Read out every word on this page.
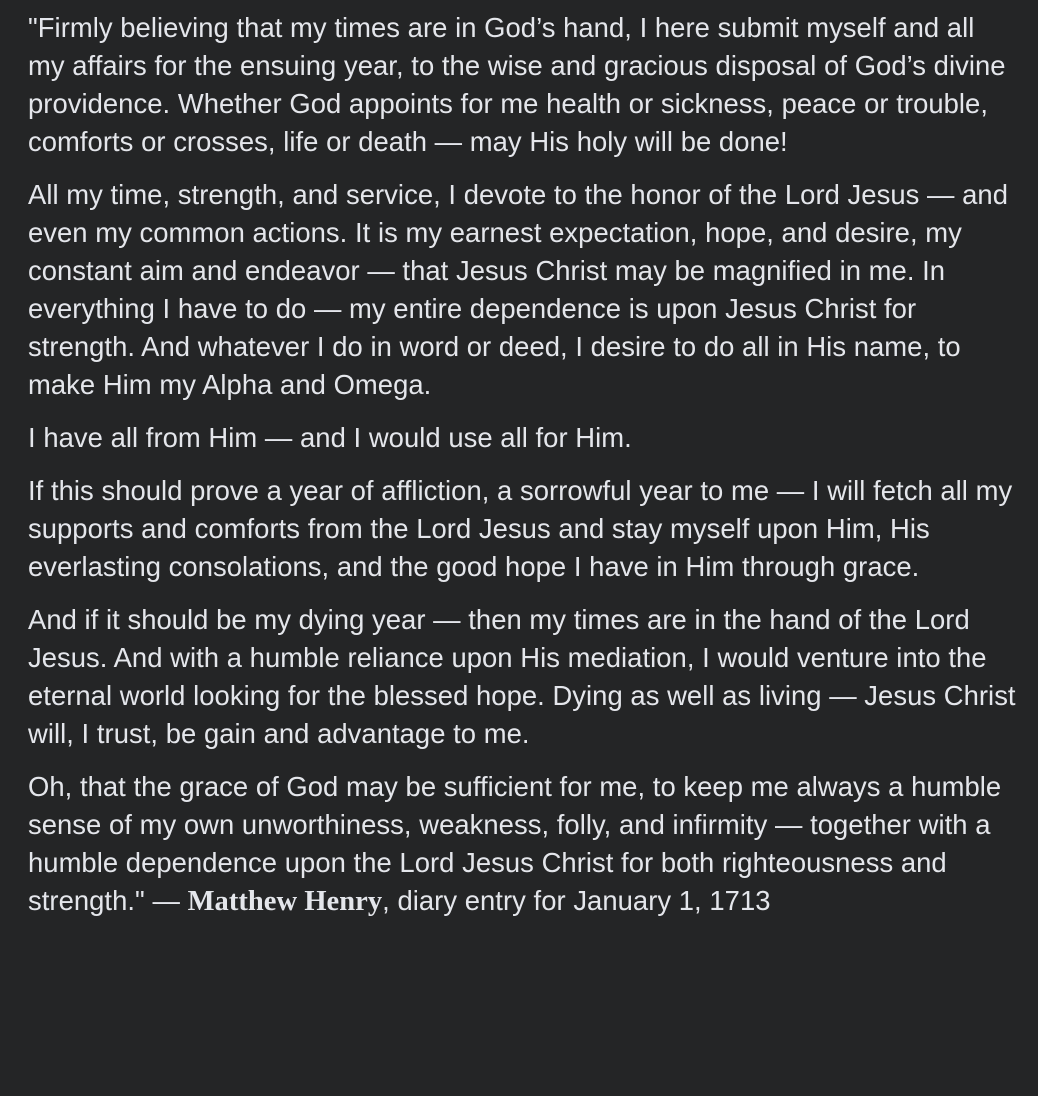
"Firmly believing that my times are in God’s hand, I here submit myself and all my affairs for the ensuing year, to the wise and gracious disposal of God’s divine providence. Whether God appoints for me health or sickness, peace or trouble, comforts or crosses, life or death — may His holy will be done!

All my time, strength, and service, I devote to the honor of the Lord Jesus — and even my common actions. It is my earnest expectation, hope, and desire, my constant aim and endeavor — that Jesus Christ may be magnified in me. In everything I have to do — my entire dependence is upon Jesus Christ for strength. And whatever I do in word or deed, I desire to do all in His name, to make Him my Alpha and Omega.

I have all from Him — and I would use all for Him.

If this should prove a year of affliction, a sorrowful year to me — I will fetch all my supports and comforts from the Lord Jesus and stay myself upon Him, His everlasting consolations, and the good hope I have in Him through grace.

And if it should be my dying year — then my times are in the hand of the Lord Jesus. And with a humble reliance upon His mediation, I would venture into the eternal world looking for the blessed hope. Dying as well as living — Jesus Christ will, I trust, be gain and advantage to me.

Oh, that the grace of God may be sufficient for me, to keep me always a humble sense of my own unworthiness, weakness, folly, and infirmity — together with a humble dependence upon the Lord Jesus Christ for both righteousness and strength." — Matthew Henry, diary entry for January 1, 1713
